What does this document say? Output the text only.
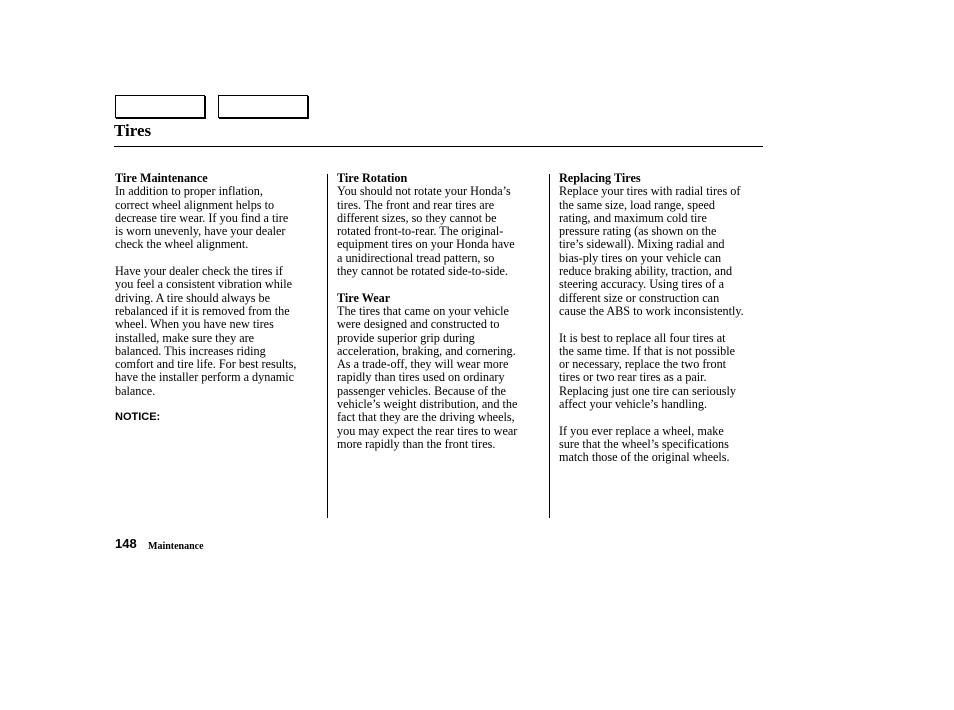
Tires
Tire Maintenance

In addition to proper inflation,
correct wheel alignment helps to
decrease tire wear. If you find a tire
is worn unevenly, have your dealer
check the wheel alignment.

Have your dealer check the tires if
you feel a consistent vibration while
driving. A tire should always be
rebalanced if it is removed from the
wheel. When you have new tires
installed, make sure they are
balanced. This increases riding
comfort and tire life. For best results,
have the installer perform a dynamic
balance.

NOTICE:
Tire Rotation

You should not rotate your Honda’s
tires. The front and rear tires are
different sizes, so they cannot be
rotated front-to-rear. The original-
equipment tires on your Honda have
a unidirectional tread pattern, so
they cannot be rotated side-to-side.

Tire Wear

The tires that came on your vehicle
were designed and constructed to
provide superior grip during
acceleration, braking, and cornering.
As a trade-off, they will wear more
rapidly than tires used on ordinary
passenger vehicles. Because of the
vehicle’s weight distribution, and the
fact that they are the driving wheels,
you may expect the rear tires to wear
more rapidly than the front tires.

Replacing Tires

Replace your tires with radial tires of
the same size, load range, speed
rating, and maximum cold tire
pressure rating (as shown on the
tire’s sidewall). Mixing radial and
bias-ply tires on your vehicle can
reduce braking ability, traction, and
steering accuracy. Using tires of a
different size or construction can
cause the ABS to work inconsistently.

It is best to replace all four tires at
the same time. If that is not possible
or necessary, replace the two front
tires or two rear tires as a pair.
Replacing just one tire can seriously
affect your vehicle’s handling.

If you ever replace a wheel, make
sure that the wheel’s specifications
match those of the original wheels.

148 Maintenance
